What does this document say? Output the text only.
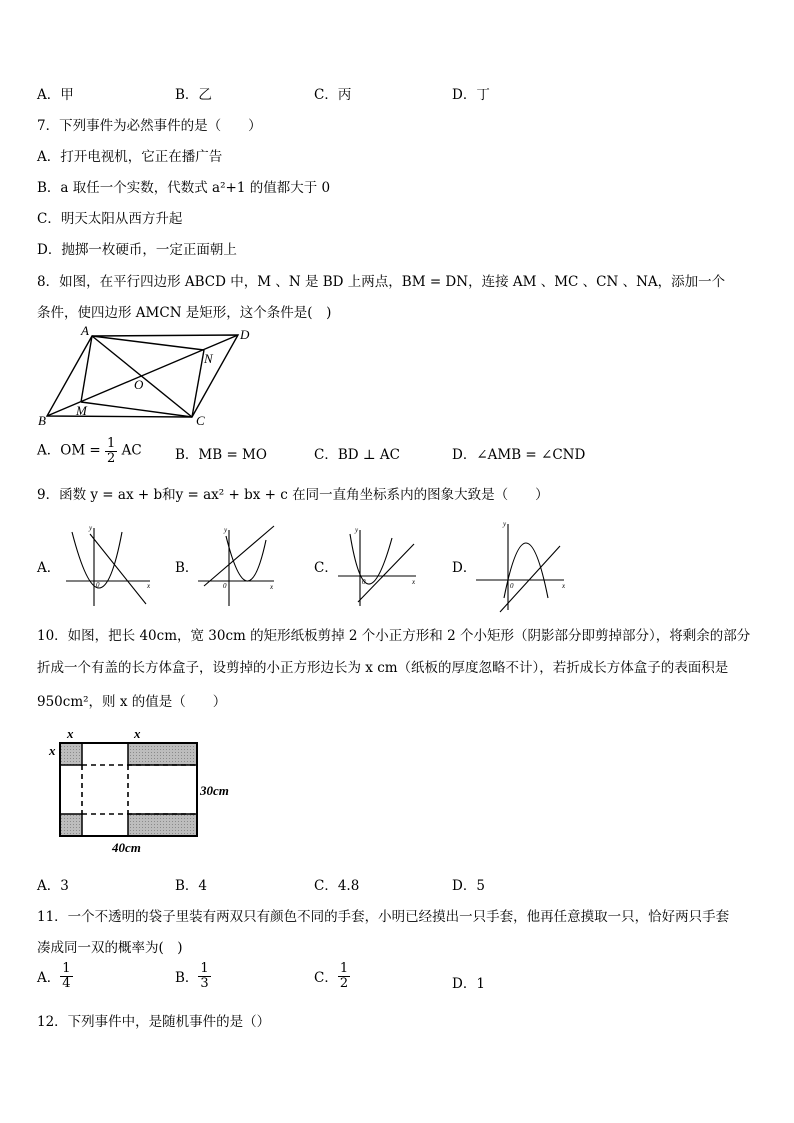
A．甲	B．乙	C．丙	D．丁
7．下列事件为必然事件的是（　　）
A．打开电视机，它正在播广告
B．a 取任一个实数，代数式 a²+1 的值都大于 0
C．明天太阳从西方升起
D．抛掷一枚硬币，一定正面朝上
8．如图，在平行四边形 ABCD 中，M 、N 是 BD 上两点，BM = DN，连接 AM 、MC 、CN 、NA，添加一个
条件，使四边形 AMCN 是矩形，这个条件是(　)
A	D
B	C
M
N
O
A．OM = $\frac{1}{2}$ AC B．MB = MO	C．BD ⊥ AC	D．∠AMB = ∠CND
9．函数 y = ax + b和y = ax² + bx + c 在同一直角坐标系内的图象大致是（　　）
A．	B．	C．	D．
y
x
0
y
x
0
y
x
0
y
x
0
10．如图，把长 40cm，宽 30cm 的矩形纸板剪掉 2 个小正方形和 2 个小矩形（阴影部分即剪掉部分），将剩余的部分
折成一个有盖的长方体盒子，设剪掉的小正方形边长为 x cm（纸板的厚度忽略不计），若折成长方体盒子的表面积是
950cm²，则 x 的值是（　　）
x	x
x
30cm
40cm
A．3	B．4	C．4.8	D．5
11．一个不透明的袋子里装有两双只有颜色不同的手套，小明已经摸出一只手套，他再任意摸取一只，恰好两只手套
凑成同一双的概率为(　)
A． $\frac{1}{4}$	B． $\frac{1}{3}$	C． $\frac{1}{2}$	D．1
12．下列事件中，是随机事件的是（）
